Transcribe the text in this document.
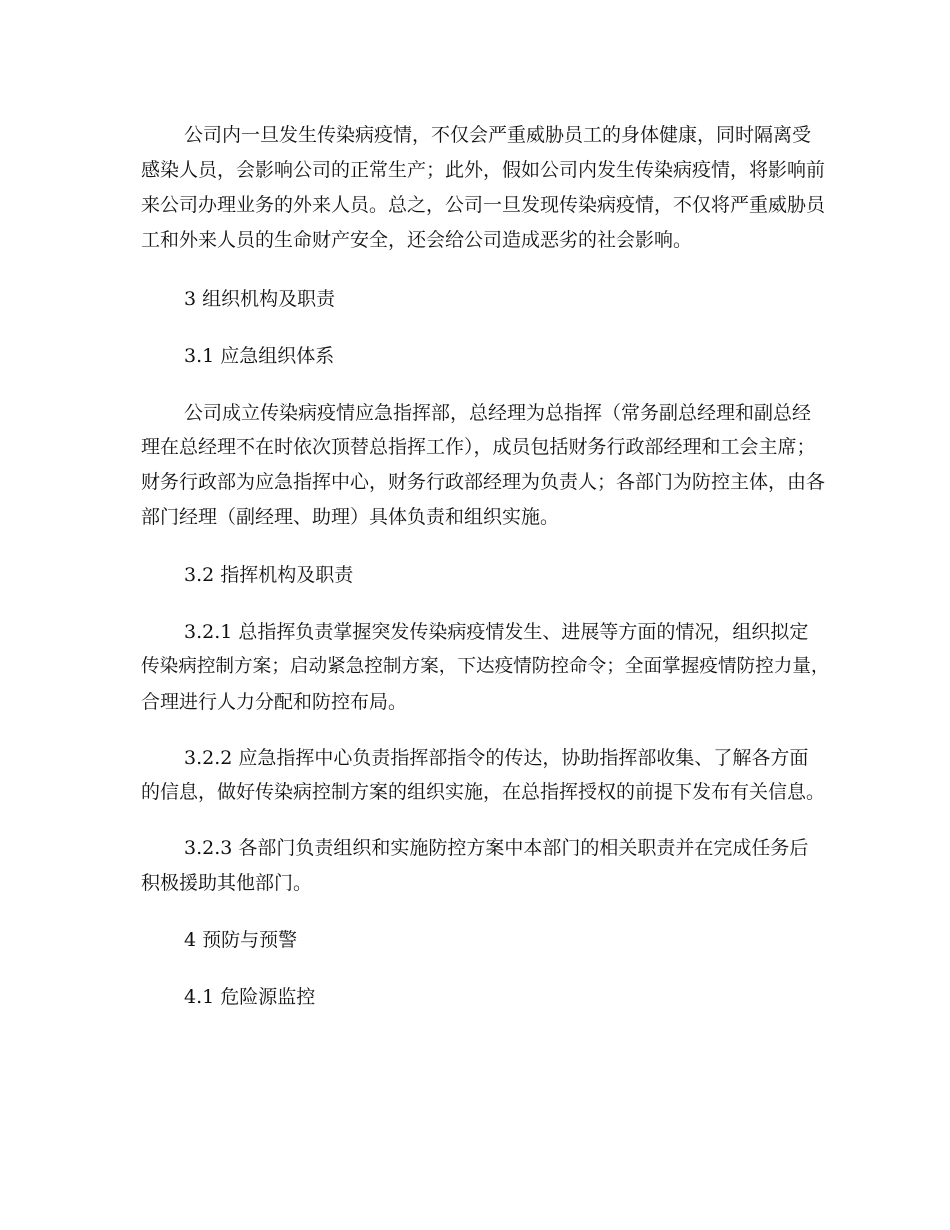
公司内一旦发生传染病疫情，不仅会严重威胁员工的身体健康，同时隔离受
感染人员，会影响公司的正常生产；此外，假如公司内发生传染病疫情，将影响前
来公司办理业务的外来人员。总之，公司一旦发现传染病疫情，不仅将严重威胁员
工和外来人员的生命财产安全，还会给公司造成恶劣的社会影响。
3 组织机构及职责
3.1 应急组织体系
公司成立传染病疫情应急指挥部，总经理为总指挥（常务副总经理和副总经
理在总经理不在时依次顶替总指挥工作），成员包括财务行政部经理和工会主席；
财务行政部为应急指挥中心，财务行政部经理为负责人；各部门为防控主体，由各
部门经理（副经理、助理）具体负责和组织实施。
3.2 指挥机构及职责
3.2.1 总指挥负责掌握突发传染病疫情发生、进展等方面的情况，组织拟定
传染病控制方案；启动紧急控制方案，下达疫情防控命令；全面掌握疫情防控力量，
合理进行人力分配和防控布局。
3.2.2 应急指挥中心负责指挥部指令的传达，协助指挥部收集、了解各方面
的信息，做好传染病控制方案的组织实施，在总指挥授权的前提下发布有关信息。
3.2.3 各部门负责组织和实施防控方案中本部门的相关职责并在完成任务后
积极援助其他部门。
4 预防与预警
4.1 危险源监控
